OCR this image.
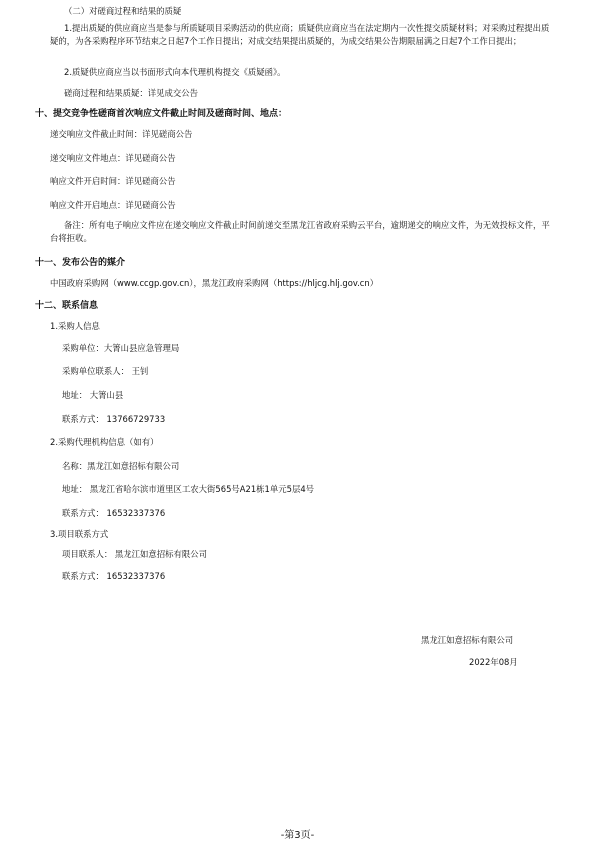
（二）对磋商过程和结果的质疑
1.提出质疑的供应商应当是参与所质疑项目采购活动的供应商；质疑供应商应当在法定期内一次性提交质疑材料；对采购过程提出质疑的，为各采购程序环节结束之日起7个工作日提出；对成交结果提出质疑的，为成交结果公告期限届满之日起7个工作日提出；
2.质疑供应商应当以书面形式向本代理机构提交《质疑函》。
磋商过程和结果质疑：详见成交公告
十、提交竞争性磋商首次响应文件截止时间及磋商时间、地点：
递交响应文件截止时间：详见磋商公告
递交响应文件地点：详见磋商公告
响应文件开启时间：详见磋商公告
响应文件开启地点：详见磋商公告
备注：所有电子响应文件应在递交响应文件截止时间前递交至黑龙江省政府采购云平台，逾期递交的响应文件，为无效投标文件，平台将拒收。
十一、发布公告的媒介
中国政府采购网（www.ccgp.gov.cn），黑龙江政府采购网（https://hljcg.hlj.gov.cn）
十二、联系信息
1.采购人信息
采购单位：大箐山县应急管理局
采购单位联系人： 王钊
地址： 大箐山县
联系方式： 13766729733
2.采购代理机构信息（如有）
名称：黑龙江如意招标有限公司
地址： 黑龙江省哈尔滨市道里区工农大街565号A21栋1单元5层4号
联系方式： 16532337376
3.项目联系方式
项目联系人： 黑龙江如意招标有限公司
联系方式： 16532337376
黑龙江如意招标有限公司
2022年08月
-第3页-
